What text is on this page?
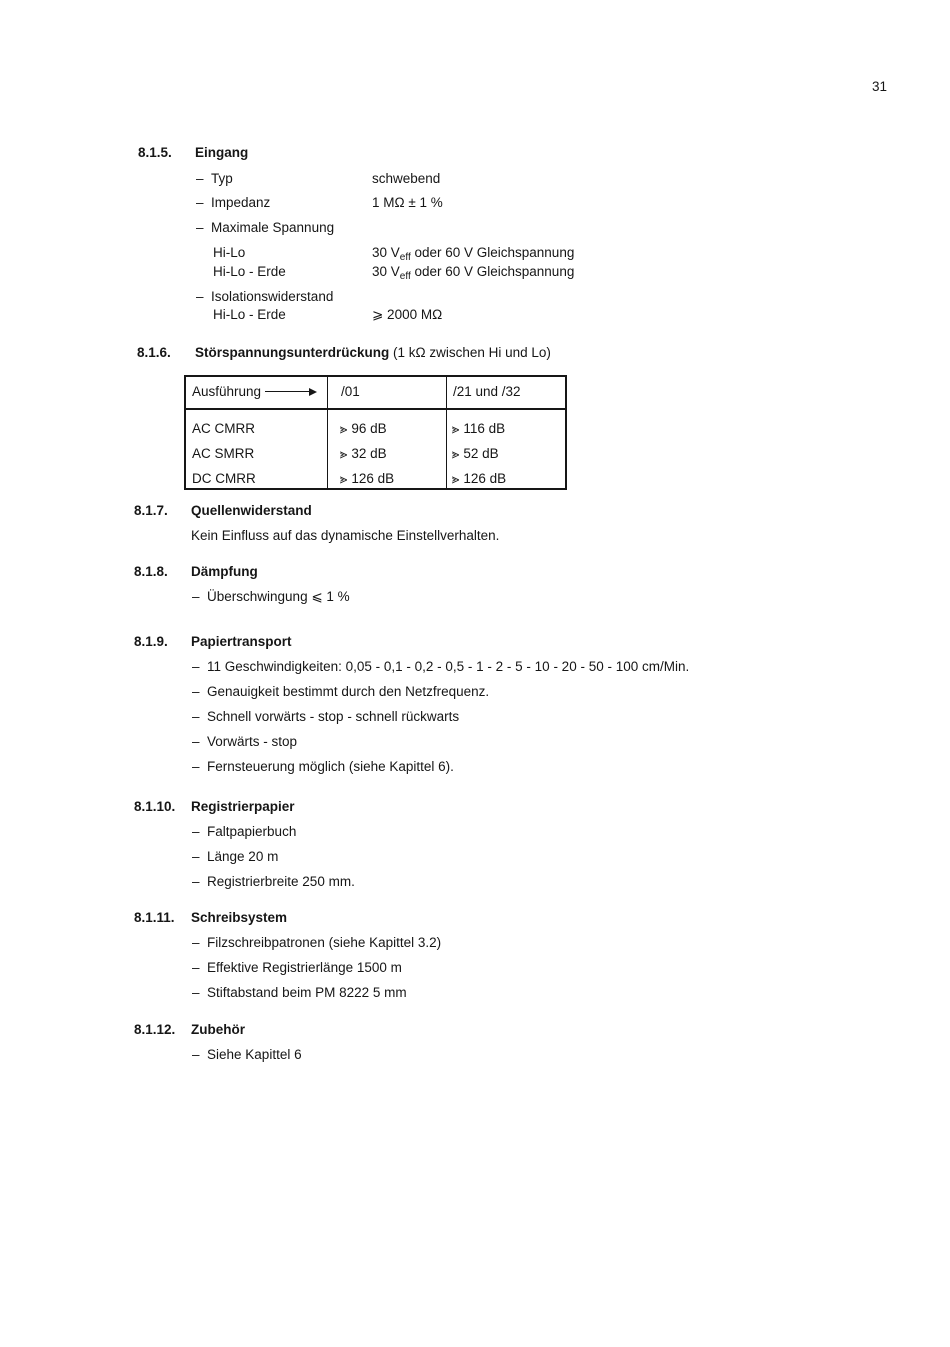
31
8.1.5. Eingang
–  Typ	schwebend
–  Impedanz	1 MΩ ± 1 %
–  Maximale Spannung
Hi-Lo	30 $V_{eff}$ oder 60 V Gleichspannung
Hi-Lo - Erde	30 $V_{eff}$ oder 60 V Gleichspannung
–  Isolationswiderstand
Hi-Lo - Erde	⩾ 2000 MΩ
8.1.6. Störspannungsunterdrückung (1 kΩ zwischen Hi und Lo)
Ausführung	/01	/21 und /32
AC CMRR	⪢ 96 dB	⪢ 116 dB
AC SMRR	⪢ 32 dB	⪢ 52 dB
DC CMRR	⪢ 126 dB	⪢ 126 dB
8.1.7. Quellenwiderstand
Kein Einfluss auf das dynamische Einstellverhalten.
8.1.8. Dämpfung
–  Überschwingung ⩽ 1 %
8.1.9. Papiertransport
–  11 Geschwindigkeiten: 0,05 - 0,1 - 0,2 - 0,5 - 1 - 2 - 5 - 10 - 20 - 50 - 100 cm/Min.
–  Genauigkeit bestimmt durch den Netzfrequenz.
–  Schnell vorwärts - stop - schnell rückwarts
–  Vorwärts - stop
–  Fernsteuerung möglich (siehe Kapittel 6).
8.1.10. Registrierpapier
–  Faltpapierbuch
–  Länge 20 m
–  Registrierbreite 250 mm.
8.1.11. Schreibsystem
–  Filzschreibpatronen (siehe Kapittel 3.2)
–  Effektive Registrierlänge 1500 m
–  Stiftabstand beim PM 8222 5 mm
8.1.12. Zubehör
–  Siehe Kapittel 6
